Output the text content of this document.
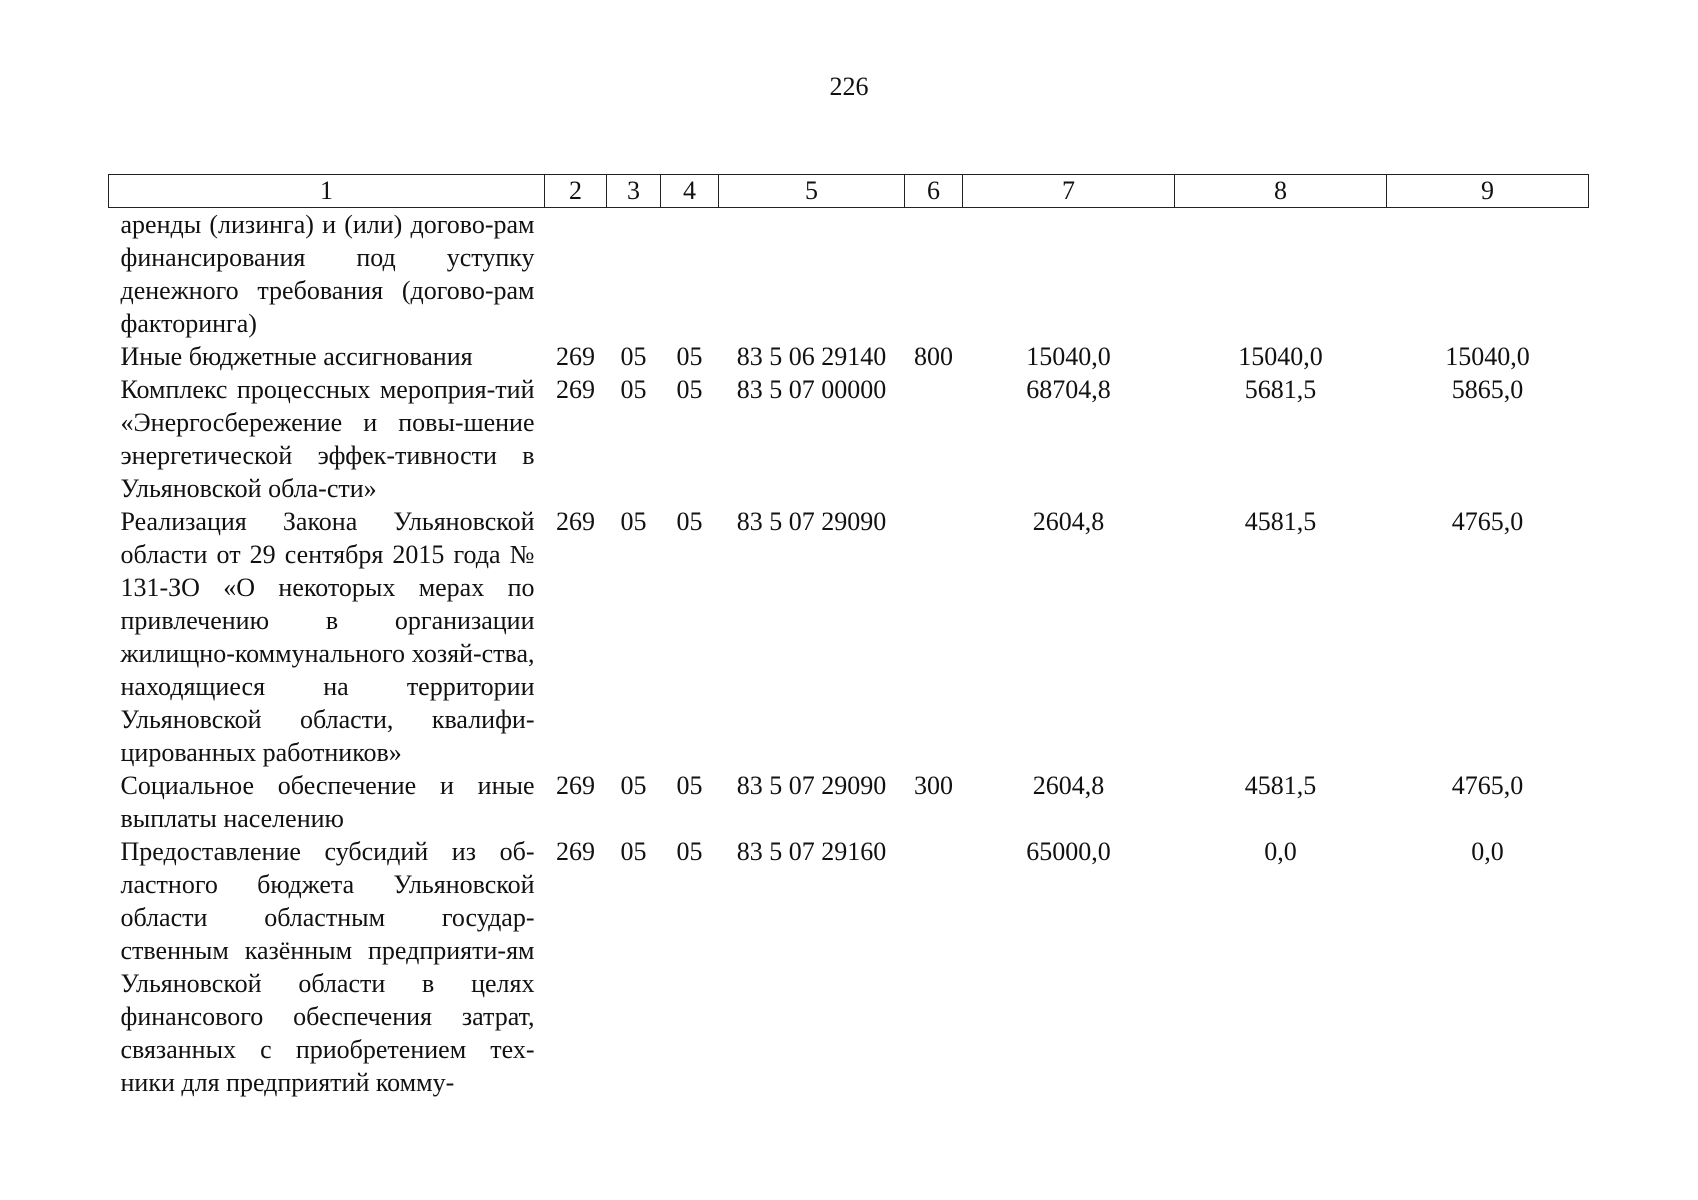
226
1	2	3	4	5	6	7	8	9
аренды (лизинга) и (или) догово-рам финансирования под уступку денежного требования (догово-рам факторинга)								
Иные бюджетные ассигнования	269	05	05	83 5 06 29140	800	15040,0	15040,0	15040,0
Комплекс процессных мероприя-тий «Энергосбережение и повы-шение энергетической эффек-тивности в Ульяновской обла-сти»	269	05	05	83 5 07 00000		68704,8	5681,5	5865,0
Реализация Закона Ульяновской области от 29 сентября 2015 года № 131-ЗО «О некоторых мерах по привлечению в организации жилищно-коммунального хозяй-ства, находящиеся на территории Ульяновской области, квалифи-цированных работников»	269	05	05	83 5 07 29090		2604,8	4581,5	4765,0
Социальное обеспечение и иные выплаты населению	269	05	05	83 5 07 29090	300	2604,8	4581,5	4765,0
Предоставление субсидий из об-ластного бюджета Ульяновской области областным государ-ственным казённым предприяти-ям Ульяновской области в целях финансового обеспечения затрат, связанных с приобретением тех-ники для предприятий комму-	269	05	05	83 5 07 29160		65000,0	0,0	0,0
